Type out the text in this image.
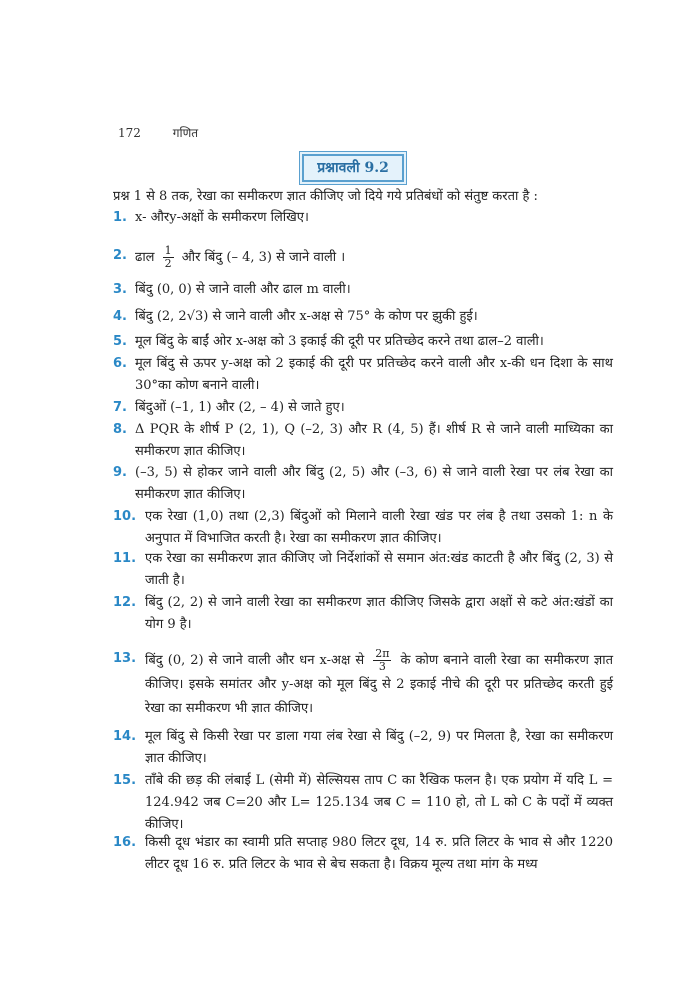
172	गणित
प्रश्नावली 9.2
प्रश्न 1 से 8 तक, रेखा का समीकरण ज्ञात कीजिए जो दिये गये प्रतिबंधों को संतुष्ट करता है :
1. x- औरy-अक्षों के समीकरण लिखिए।
2. ढाल $\frac{1}{2}$ और बिंदु (– 4, 3) से जाने वाली ।
3. बिंदु (0, 0) से जाने वाली और ढाल m वाली।
4. बिंदु (2, 2√3) से जाने वाली और x-अक्ष से 75° के कोण पर झुकी हुई।
5. मूल बिंदु के बाईं ओर x-अक्ष को 3 इकाई की दूरी पर प्रतिच्छेद करने तथा ढाल–2 वाली।
6. मूल बिंदु से ऊपर y-अक्ष को 2 इकाई की दूरी पर प्रतिच्छेद करने वाली और x-की धन दिशा के साथ 30°का कोण बनाने वाली।
7. बिंदुओं (–1, 1) और (2, – 4) से जाते हुए।
8. Δ PQR के शीर्ष P (2, 1), Q (–2, 3) और R (4, 5) हैं। शीर्ष R से जाने वाली माध्यिका का समीकरण ज्ञात कीजिए।
9. (–3, 5) से होकर जाने वाली और बिंदु (2, 5) और (–3, 6) से जाने वाली रेखा पर लंब रेखा का समीकरण ज्ञात कीजिए।
10. एक रेखा (1,0) तथा (2,3) बिंदुओं को मिलाने वाली रेखा खंड पर लंब है तथा उसको 1: n के अनुपात में विभाजित करती है। रेखा का समीकरण ज्ञात कीजिए।
11. एक रेखा का समीकरण ज्ञात कीजिए जो निर्देशांकों से समान अंत:खंड काटती है और बिंदु (2, 3) से जाती है।
12. बिंदु (2, 2) से जाने वाली रेखा का समीकरण ज्ञात कीजिए जिसके द्वारा अक्षों से कटे अंत:खंडों का योग 9 है।
13. बिंदु (0, 2) से जाने वाली और धन x-अक्ष से $\frac{2\pi}{3}$ के कोण बनाने वाली रेखा का समीकरण ज्ञात कीजिए। इसके समांतर और y-अक्ष को मूल बिंदु से 2 इकाई नीचे की दूरी पर प्रतिच्छेद करती हुई रेखा का समीकरण भी ज्ञात कीजिए।
14. मूल बिंदु से किसी रेखा पर डाला गया लंब रेखा से बिंदु (–2, 9) पर मिलता है, रेखा का समीकरण ज्ञात कीजिए।
15. ताँबे की छड़ की लंबाई L (सेमी में) सेल्सियस ताप C का रैखिक फलन है। एक प्रयोग में यदि L = 124.942 जब C=20 और L= 125.134 जब C = 110 हो, तो L को C के पदों में व्यक्त कीजिए।
16. किसी दूध भंडार का स्वामी प्रति सप्ताह 980 लिटर दूध, 14 रु. प्रति लिटर के भाव से और 1220 लीटर दूध 16 रु. प्रति लिटर के भाव से बेच सकता है। विक्रय मूल्य तथा मांग के मध्य
